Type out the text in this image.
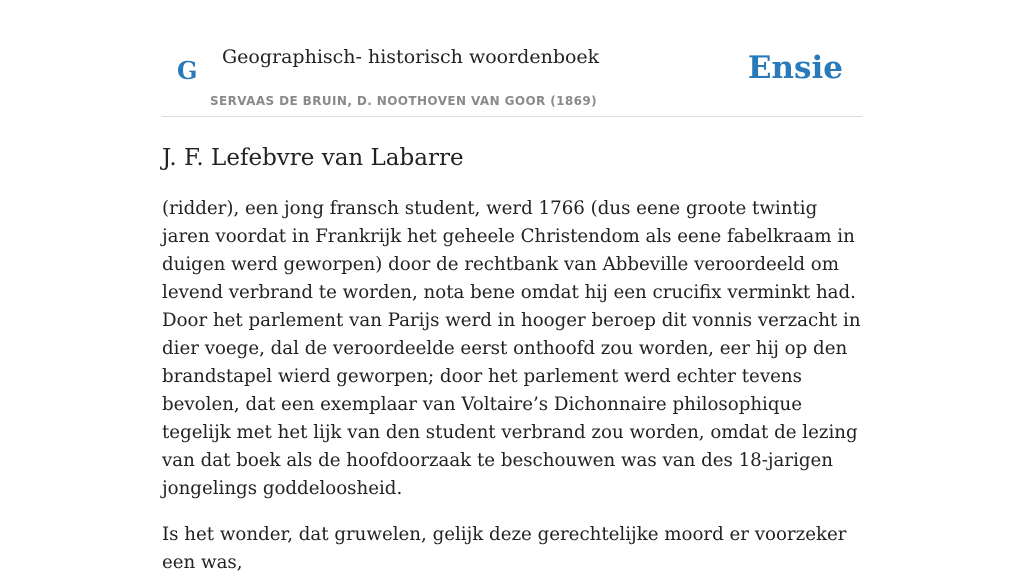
G Geographisch- historisch woordenboek
SERVAAS DE BRUIN, D. NOOTHOVEN VAN GOOR (1869)
Ensie
J. F. Lefebvre van Labarre

(ridder), een jong fransch student, werd 1766 (dus eene groote twintig jaren voordat in Frankrijk het geheele Christendom als eene fabelkraam in duigen werd geworpen) door de rechtbank van Abbeville veroordeeld om levend verbrand te worden, nota bene omdat hij een crucifix verminkt had. Door het parlement van Parijs werd in hooger beroep dit vonnis verzacht in dier voege, dal de veroordeelde eerst onthoofd zou worden, eer hij op den brandstapel wierd geworpen; door het parlement werd echter tevens bevolen, dat een exemplaar van Voltaire’s Dichonnaire philosophique tegelijk met het lijk van den student verbrand zou worden, omdat de lezing van dat boek als de hoofdoorzaak te beschouwen was van des 18-jarigen jongelings goddeloosheid.

Is het wonder, dat gruwelen, gelijk deze gerechtelijke moord er voorzeker een was,
